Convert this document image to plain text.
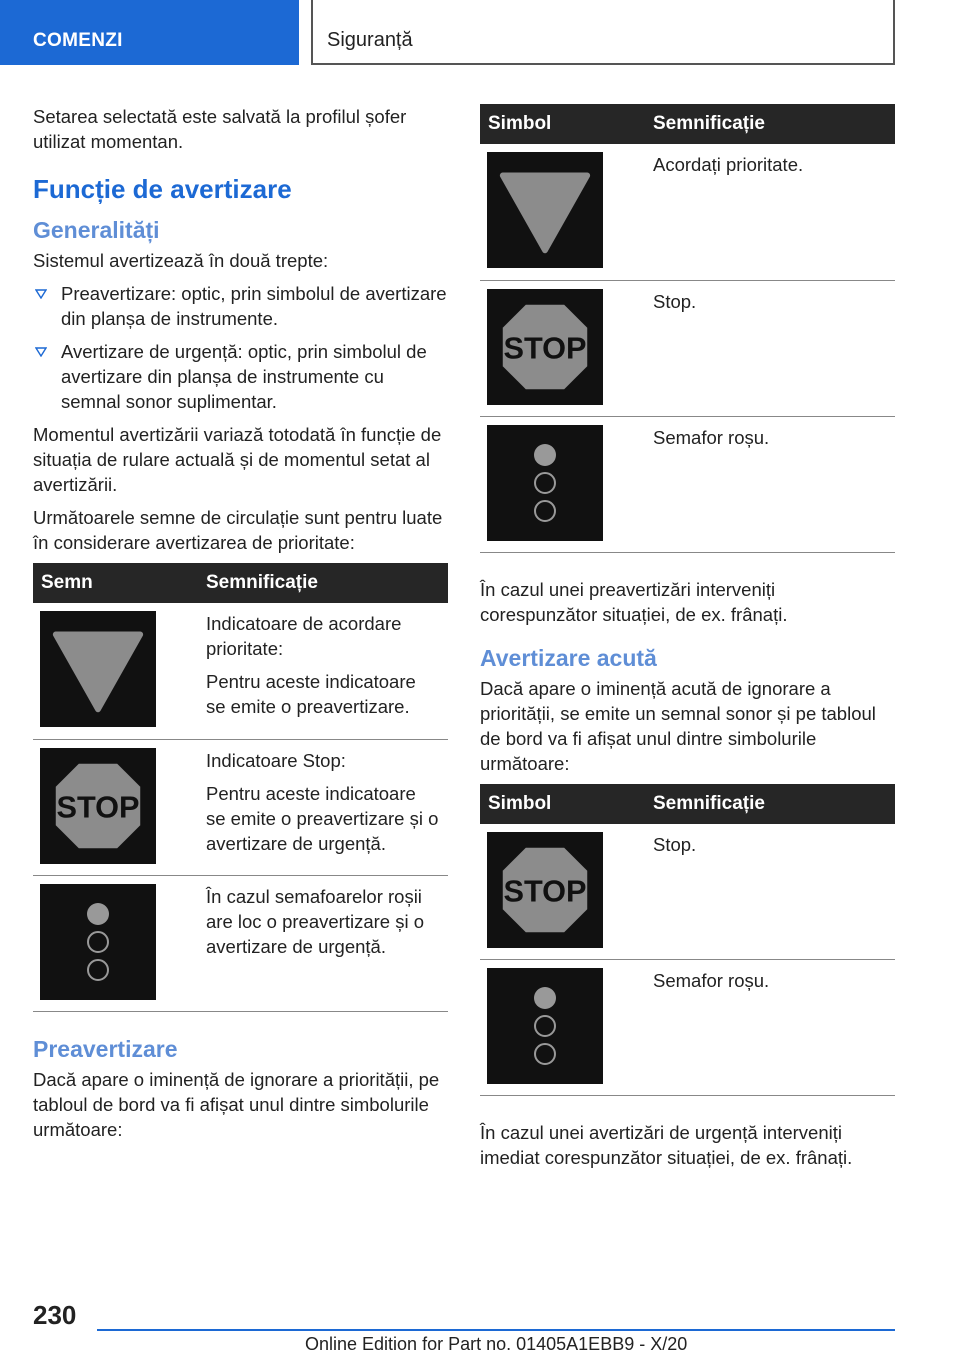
COMENZI	Siguranță

Setarea selectată este salvată la profilul șofer utilizat momentan.

Funcție de avertizare
Generalități

Sistemul avertizează în două trepte:

Preavertizare: optic, prin simbolul de avertizare din planșa de instrumente.
Avertizare de urgență: optic, prin simbolul de avertizare din planșa de instrumente cu semnal sonor suplimentar.

Momentul avertizării variază totodată în funcție de situația de rulare actuală și de momentul setat al avertizării.

Următoarele semne de circulație sunt pentru luate în considerare avertizarea de prioritate:

Semn	Semnificație

Indicatoare de acordare prioritate:

Pentru aceste indicatoare se emite o preavertizare.

STOP	Indicatoare Stop:

Pentru aceste indicatoare se emite o preavertizare și o avertizare de urgență.

În cazul semafoarelor roșii are loc o preavertizare și o avertizare de urgență.

Preavertizare

Dacă apare o iminență de ignorare a priorității, pe tabloul de bord va fi afișat unul dintre simbolurile următoare:

Simbol	Semnificație

Acordați prioritate.

STOP	Stop.

Semafor roșu.

În cazul unei preavertizări interveniți corespunzător situației, de ex. frânați.

Avertizare acută

Dacă apare o iminență acută de ignorare a priorității, se emite un semnal sonor și pe tabloul de bord va fi afișat unul dintre simbolurile următoare:

Simbol	Semnificație

STOP	Stop.

Semafor roșu.

În cazul unei avertizări de urgență interveniți imediat corespunzător situației, de ex. frânați.

230
Online Edition for Part no. 01405A1EBB9 - X/20
